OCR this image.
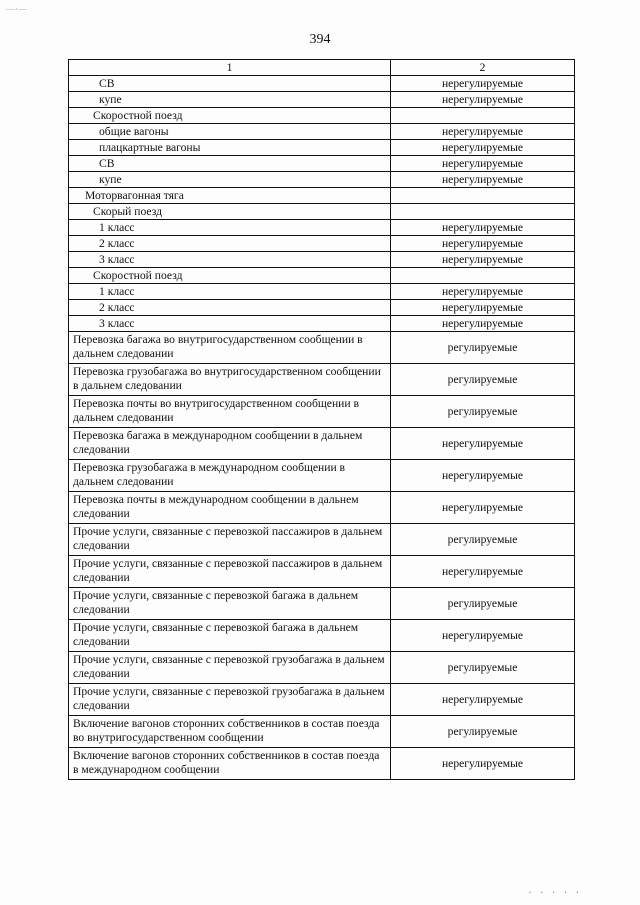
—·—
394
1	2
СВ	нерегулируемые
купе	нерегулируемые
Скоростной поезд	
общие вагоны	нерегулируемые
плацкартные вагоны	нерегулируемые
СВ	нерегулируемые
купе	нерегулируемые
Моторвагонная тяга	
Скорый поезд	
1 класс	нерегулируемые
2 класс	нерегулируемые
3 класс	нерегулируемые
Скоростной поезд	
1 класс	нерегулируемые
2 класс	нерегулируемые
3 класс	нерегулируемые
Перевозка багажа во внутригосударственном сообщении в дальнем следовании	регулируемые
Перевозка грузобагажа во внутригосударственном сообщении в дальнем следовании	регулируемые
Перевозка почты во внутригосударственном сообщении в дальнем следовании	регулируемые
Перевозка багажа в международном сообщении в дальнем следовании	нерегулируемые
Перевозка грузобагажа в международном сообщении в дальнем следовании	нерегулируемые
Перевозка почты в международном сообщении в дальнем следовании	нерегулируемые
Прочие услуги, связанные с перевозкой пассажиров в дальнем следовании	регулируемые
Прочие услуги, связанные с перевозкой пассажиров в дальнем следовании	нерегулируемые
Прочие услуги, связанные с перевозкой багажа в дальнем следовании	регулируемые
Прочие услуги, связанные с перевозкой багажа в дальнем следовании	нерегулируемые
Прочие услуги, связанные с перевозкой грузобагажа в дальнем следовании	регулируемые
Прочие услуги, связанные с перевозкой грузобагажа в дальнем следовании	нерегулируемые
Включение вагонов сторонних собственников в состав поезда во внутригосударственном сообщении	регулируемые
Включение вагонов сторонних собственников в состав поезда в международном сообщении	нерегулируемые
· · · · ·
